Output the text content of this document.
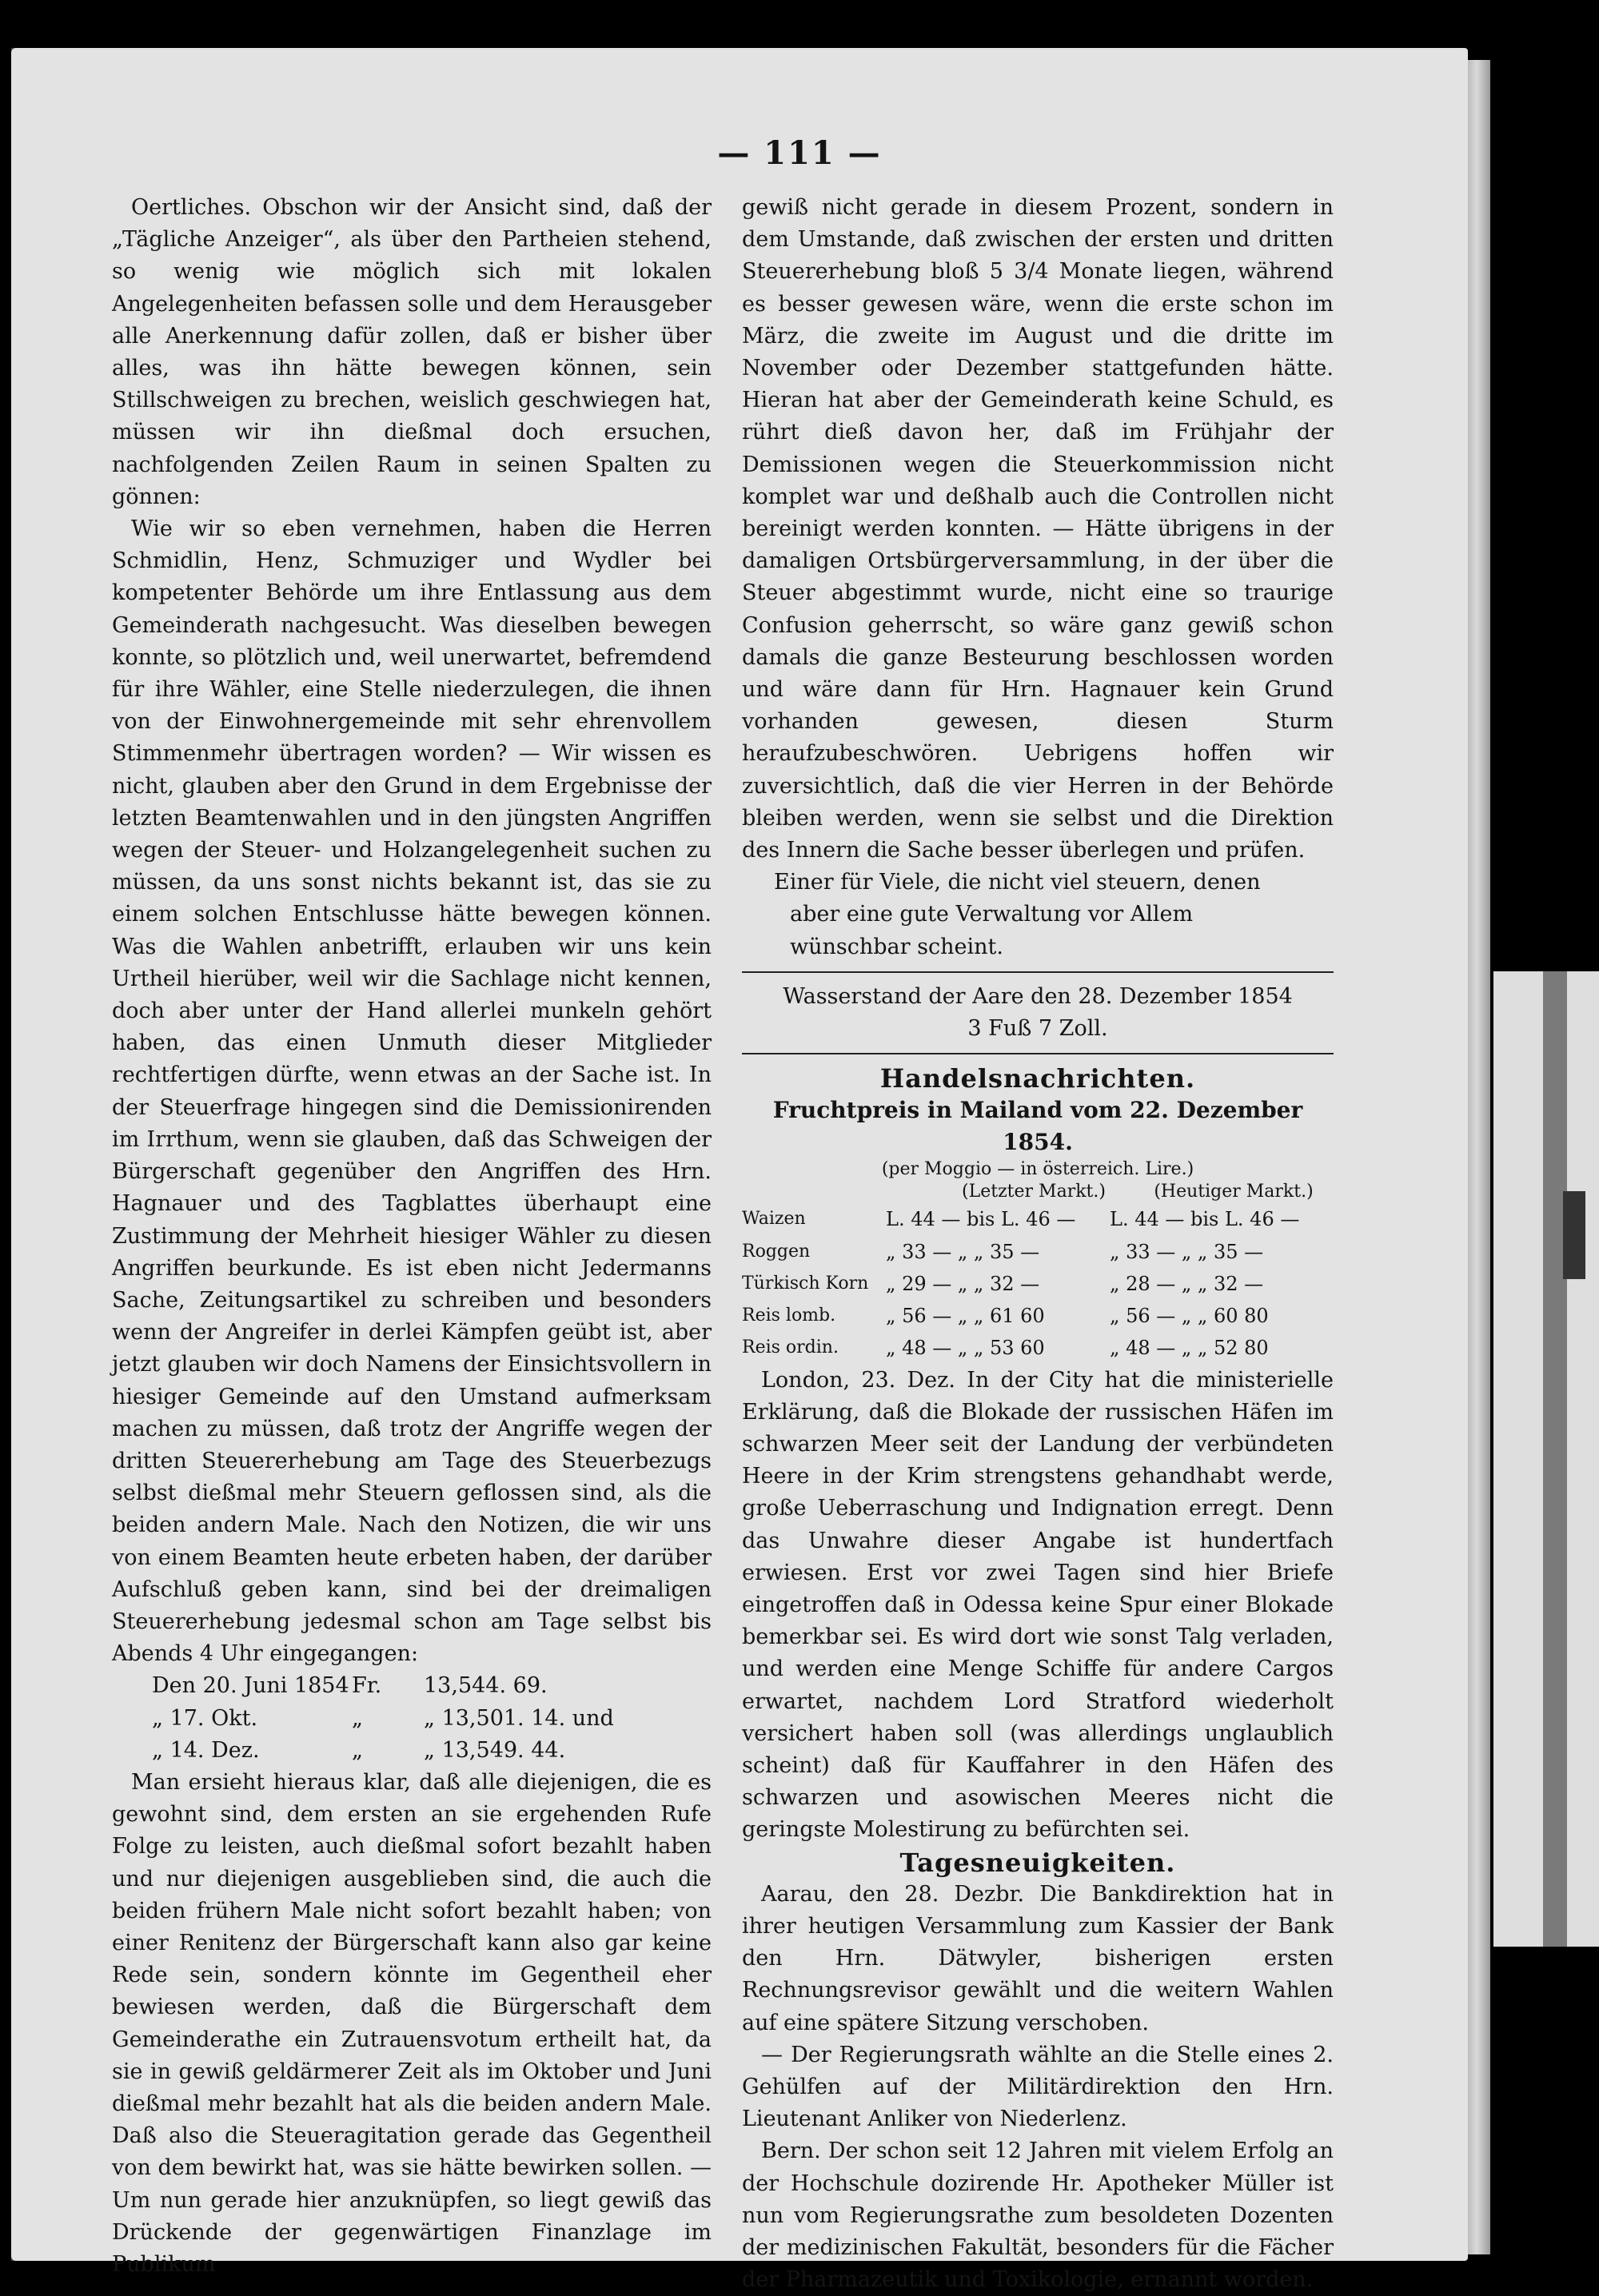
— 111 —

Oertliches. Obschon wir der Ansicht sind, daß der „Tägliche Anzeiger“, als über den Partheien stehend, so wenig wie möglich sich mit lokalen Angelegenheiten befassen solle und dem Herausgeber alle Anerkennung dafür zollen, daß er bisher über alles, was ihn hätte bewegen können, sein Stillschweigen zu brechen, weislich geschwiegen hat, müssen wir ihn dießmal doch ersuchen, nachfolgenden Zeilen Raum in seinen Spalten zu gönnen:

Wie wir so eben vernehmen, haben die Herren Schmidlin, Henz, Schmuziger und Wydler bei kompetenter Behörde um ihre Entlassung aus dem Gemeinderath nachgesucht. Was dieselben bewegen konnte, so plötzlich und, weil unerwartet, befremdend für ihre Wähler, eine Stelle niederzulegen, die ihnen von der Einwohnergemeinde mit sehr ehrenvollem Stimmenmehr übertragen worden? — Wir wissen es nicht, glauben aber den Grund in dem Ergebnisse der letzten Beamtenwahlen und in den jüngsten Angriffen wegen der Steuer- und Holzangelegenheit suchen zu müssen, da uns sonst nichts bekannt ist, das sie zu einem solchen Entschlusse hätte bewegen können. Was die Wahlen anbetrifft, erlauben wir uns kein Urtheil hierüber, weil wir die Sachlage nicht kennen, doch aber unter der Hand allerlei munkeln gehört haben, das einen Unmuth dieser Mitglieder rechtfertigen dürfte, wenn etwas an der Sache ist. In der Steuerfrage hingegen sind die Demissionirenden im Irrthum, wenn sie glauben, daß das Schweigen der Bürgerschaft gegenüber den Angriffen des Hrn. Hagnauer und des Tagblattes überhaupt eine Zustimmung der Mehrheit hiesiger Wähler zu diesen Angriffen beurkunde. Es ist eben nicht Jedermanns Sache, Zeitungsartikel zu schreiben und besonders wenn der Angreifer in derlei Kämpfen geübt ist, aber jetzt glauben wir doch Namens der Einsichtsvollern in hiesiger Gemeinde auf den Umstand aufmerksam machen zu müssen, daß trotz der Angriffe wegen der dritten Steuererhebung am Tage des Steuerbezugs selbst dießmal mehr Steuern geflossen sind, als die beiden andern Male. Nach den Notizen, die wir uns von einem Beamten heute erbeten haben, der darüber Aufschluß geben kann, sind bei der dreimaligen Steuererhebung jedesmal schon am Tage selbst bis Abends 4 Uhr eingegangen:

Den 20. Juni 1854 Fr.	13,544. 69.
„ 17. Okt.	„	„ 13,501. 14. und
„ 14. Dez.	„	„ 13,549. 44.

Man ersieht hieraus klar, daß alle diejenigen, die es gewohnt sind, dem ersten an sie ergehenden Rufe Folge zu leisten, auch dießmal sofort bezahlt haben und nur diejenigen ausgeblieben sind, die auch die beiden frühern Male nicht sofort bezahlt haben; von einer Renitenz der Bürgerschaft kann also gar keine Rede sein, sondern könnte im Gegentheil eher bewiesen werden, daß die Bürgerschaft dem Gemeinderathe ein Zutrauensvotum ertheilt hat, da sie in gewiß geldärmerer Zeit als im Oktober und Juni dießmal mehr bezahlt hat als die beiden andern Male. Daß also die Steueragitation gerade das Gegentheil von dem bewirkt hat, was sie hätte bewirken sollen. — Um nun gerade hier anzuknüpfen, so liegt gewiß das Drückende der gegenwärtigen Finanzlage im Publikum

gewiß nicht gerade in diesem Prozent, sondern in dem Umstande, daß zwischen der ersten und dritten Steuererhebung bloß 5 3/4 Monate liegen, während es besser gewesen wäre, wenn die erste schon im März, die zweite im August und die dritte im November oder Dezember stattgefunden hätte. Hieran hat aber der Gemeinderath keine Schuld, es rührt dieß davon her, daß im Frühjahr der Demissionen wegen die Steuerkommission nicht komplet war und deßhalb auch die Controllen nicht bereinigt werden konnten. — Hätte übrigens in der damaligen Ortsbürgerversammlung, in der über die Steuer abgestimmt wurde, nicht eine so traurige Confusion geherrscht, so wäre ganz gewiß schon damals die ganze Besteurung beschlossen worden und wäre dann für Hrn. Hagnauer kein Grund vorhanden gewesen, diesen Sturm heraufzubeschwören. Uebrigens hoffen wir zuversichtlich, daß die vier Herren in der Behörde bleiben werden, wenn sie selbst und die Direktion des Innern die Sache besser überlegen und prüfen.

Einer für Viele, die nicht viel steuern, denen

aber eine gute Verwaltung vor Allem

wünschbar scheint.

Wasserstand der Aare den 28. Dezember 1854

3 Fuß 7 Zoll.

Handelsnachrichten.

Fruchtpreis in Mailand vom 22. Dezember 1854.

(per Moggio — in österreich. Lire.)

(Letzter Markt.)	(Heutiger Markt.)
Waizen	L. 44 — bis L. 46 —	L. 44 — bis L. 46 —
Roggen	„ 33 — „ „ 35 —	„ 33 — „ „ 35 —
Türkisch Korn	„ 29 — „ „ 32 —	„ 28 — „ „ 32 —
Reis lomb.	„ 56 — „ „ 61 60	„ 56 — „ „ 60 80
Reis ordin.	„ 48 — „ „ 53 60	„ 48 — „ „ 52 80

London, 23. Dez. In der City hat die ministerielle Erklärung, daß die Blokade der russischen Häfen im schwarzen Meer seit der Landung der verbündeten Heere in der Krim strengstens gehandhabt werde, große Ueberraschung und Indignation erregt. Denn das Unwahre dieser Angabe ist hundertfach erwiesen. Erst vor zwei Tagen sind hier Briefe eingetroffen daß in Odessa keine Spur einer Blokade bemerkbar sei. Es wird dort wie sonst Talg verladen, und werden eine Menge Schiffe für andere Cargos erwartet, nachdem Lord Stratford wiederholt versichert haben soll (was allerdings unglaublich scheint) daß für Kauffahrer in den Häfen des schwarzen und asowischen Meeres nicht die geringste Molestirung zu befürchten sei.

Tagesneuigkeiten.

Aarau, den 28. Dezbr. Die Bankdirektion hat in ihrer heutigen Versammlung zum Kassier der Bank den Hrn. Dätwyler, bisherigen ersten Rechnungsrevisor gewählt und die weitern Wahlen auf eine spätere Sitzung verschoben.

— Der Regierungsrath wählte an die Stelle eines 2. Gehülfen auf der Militärdirektion den Hrn. Lieutenant Anliker von Niederlenz.

Bern. Der schon seit 12 Jahren mit vielem Erfolg an der Hochschule dozirende Hr. Apotheker Müller ist nun vom Regierungsrathe zum besoldeten Dozenten der medizinischen Fakultät, besonders für die Fächer der Pharmazeutik und Toxikologie, ernannt worden.
